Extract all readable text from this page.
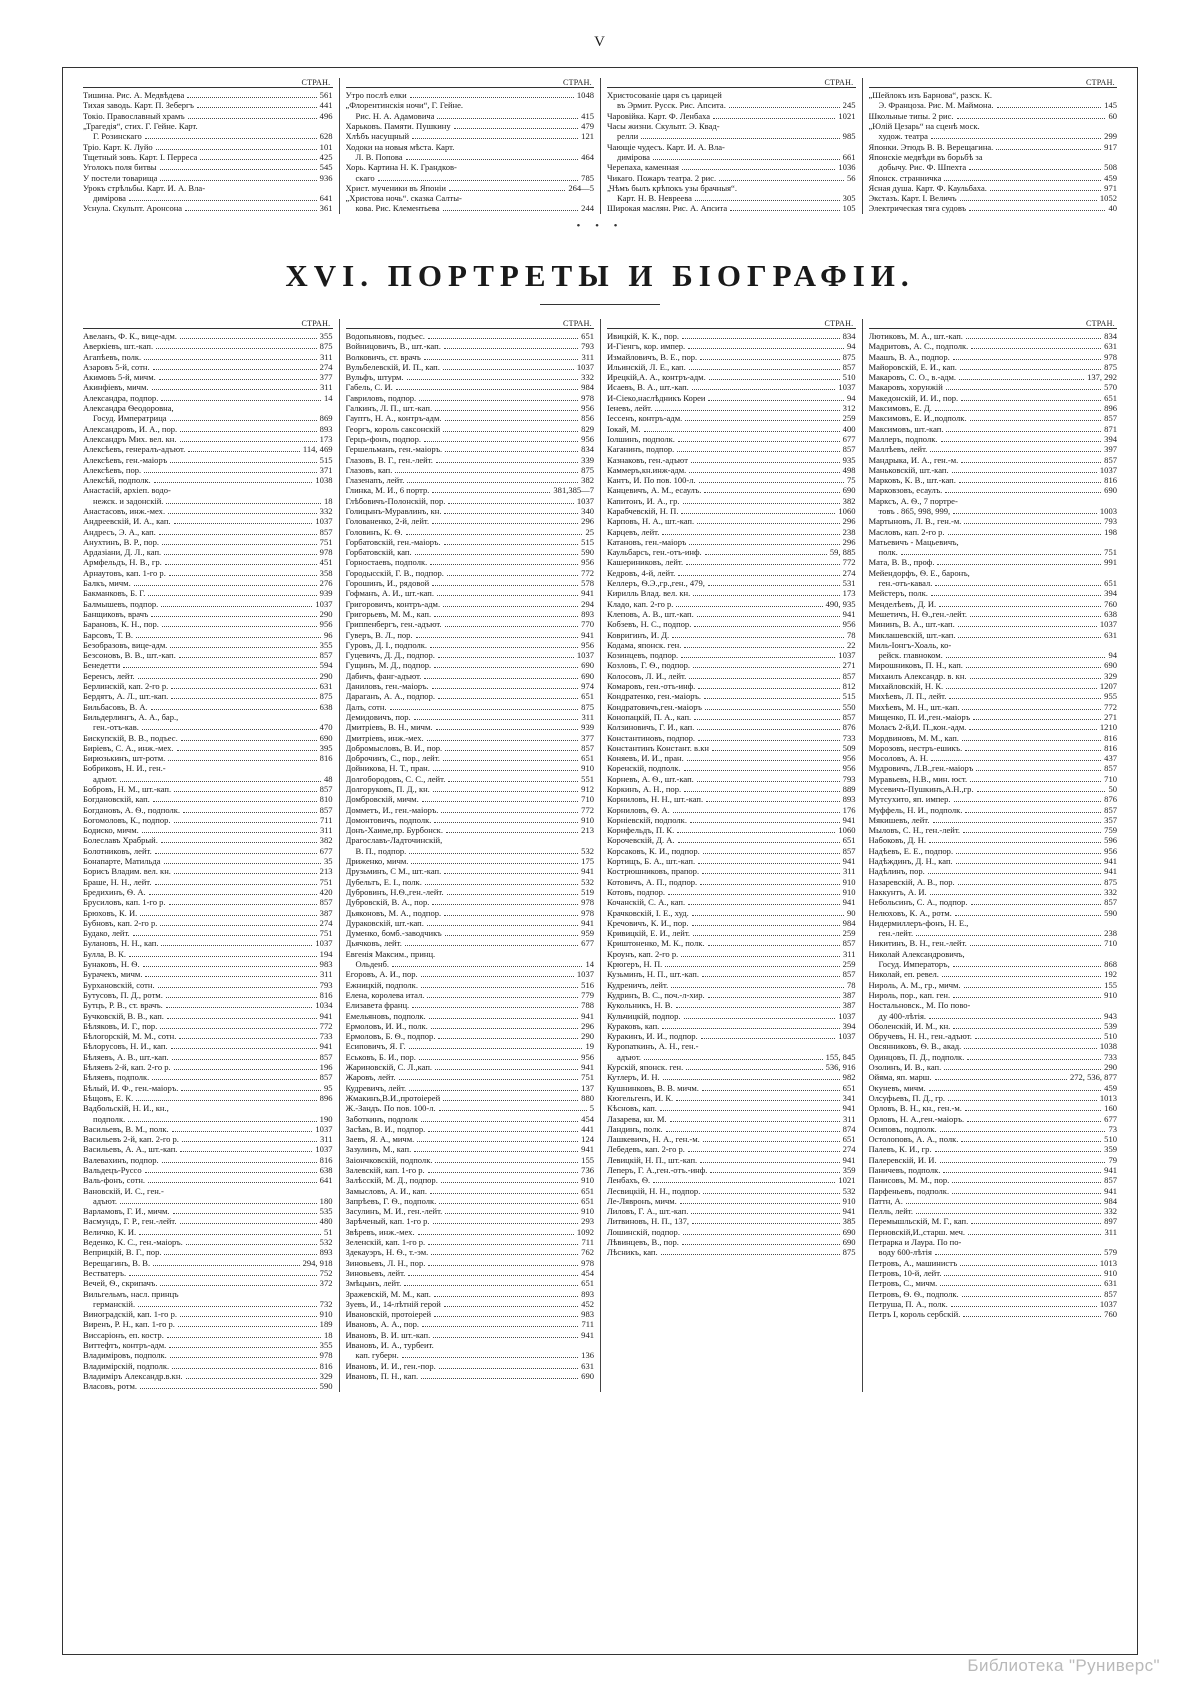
V
СТРАН.
Тишина. Рис. А. Медвѣдева	561
Тихая заводь. Карт. П. Зебергъ	441
Токіо. Православный храмъ	496
„Трагедія“, стих. Г. Гейне. Карт.
Г. Розинскаго	628
Тріо. Карт. К. Луйо	101
Тщетный зовъ. Карт. І. Перреса	425
Уголокъ поля битвы	545
У постели товарища	936
Урокъ стрѣльбы. Карт. И. А. Вла-
димірова	641
Уснула. Скульпт. Аронсона	361
СТРАН.
Утро послѣ елки	1048
„Флорентинскія ночи“, Г. Гейне.
Рис. Н. А. Адамовича	415
Харьковъ. Памяти. Пушкину	479
Хлѣбъ насущный	121
Ходоки на новыя мѣста. Карт.
Л. В. Попова	464
Хорь. Картина Н. К. Грандков-
скаго	785
Христ. мученики въ Японіи	264—5
„Христова ночь“. сказка Салты-
кова. Рис. Клементьева	244
СТРАН.
Христосованіе царя съ царицей
въ Эрмит. Русск. Рис. Апсита.	245
Чаровійка. Карт. Ф. Ленбаха	1021
Часы жизни. Скульпт. Э. Квад-
релли	985
Чающіе чудесъ. Карт. И. А. Вла-
димірова	661
Черепаха, каменная	1036
Чикаго. Пожаръ театра. 2 рис.	56
„Чѣмъ былъ крѣпокъ узы брачныя“.
Карт. Н. В. Невреева	305
Широкая маслян. Рис. А. Апсита	105
СТРАН.
„Шейлокъ изъ Барнова“, разск. К.
Э. Францоза. Рис. М. Маймона.	145
Школьные типы. 2 рис.	60
„Юлій Цезарь“ на сценѣ моск.
худож. театра	299
Японки. Этюдъ В. В. Верещагина.	917
Японскіе медвѣди въ борьбѣ за
добычу. Рис. Ф. Шпехта	508
Японск. странничка	459
Ясная душа. Карт. Ф. Каульбаха.	971
Экстазъ. Карт. І. Величъ	1052
Электрическая тяга судовъ	40
• • •
XVI. ПОРТРЕТЫ И БІОГРАФІИ.
СТРАН.
Авеланъ, Ф. К., вице-адм.	355
Аверкіевъ, шт.-кап.	875
Агапѣевъ, полк.	311
Азаровъ 5-й, сотн.	274
Акимовъ 5-й, мичм.	377
Акинфіевъ, мичм.	311
Александра, подпор.	14
Александра Ѳеодоровна,
Госуд. Императрица	869
Александровъ, И. А., пор.	893
Александръ Мих. вел. кн.	173
Алексѣевъ, генералъ-адъют.	114, 469
Алексѣевъ, ген.-маіоръ	515
Алексѣевъ, пор.	371
Алексѣй, подполк.	1038
Анастасій, архіеп. водо-
нежск. и задонскій.	18
Анастасовъ, инж.-мех.	332
Андреевскій, И. А., кап.	1037
Андресъ, Э. А., кап.	857
Анухтинъ, В. Р., пор.	751
Ардазіани, Д. Л., кап.	978
Армфельдъ, Н. В., гр.	451
Арнаутовъ, кап. 1-го р.	358
Балкъ, мичм.	276
Бакманковъ, Б. Г.	939
Балмышевъ, подпор.	1037
Банщиковъ, врачъ	290
Барановъ, К. Н., пор.	956
Барсовъ, Т. В.	96
Безобразовъ, вице-адм.	355
Безсоновъ, В. В., шт.-кап.	857
Бенедетти	594
Беренсъ, лейт.	290
Берлинскій, кап. 2-го р.	631
Бердятъ, А. Л., шт.-кап.	875
Бильбасовъ, В. А.	638
Бильдерлингъ, А. А., бар.,
ген.-отъ-кав.	470
Бискупскій, В. В., подъес.	690
Биріевъ, С. А., инж.-мех.	395
Бирюзькинъ, шт-ротм.	816
Бобриковъ, Н. И., ген.-
адъют.	48
Бобровъ, Н. М., шт.-кап.	857
Богдановскій, кап.	810
Богдановъ, А. Ѳ., подполк.	857
Богомоловъ, К., подпор.	711
Бодиско, мичм.	311
Болеславъ Храбрый.	382
Болотниковъ, лейт.	677
Бонапарте, Матильда	35
Борисъ Владим. вел. кн.	213
Браше, Н. Н., лейт.	751
Бредихинъ, Ѳ. А.	420
Брусиловъ, кап. 1-го р.	857
Брюховъ, К. И.	387
Бубновъ, кап. 2-го р.	274
Будако, лейт.	751
Булановъ, Н. Н., кап.	1037
Булла, В. К.	194
Бунаковъ, Н. Ѳ.	983
Бурачекъ, мичм.	311
Бурхановскій, сотн.	793
Бутусовъ, П. Д., ротм.	816
Бутцъ, Р. В., ст. врачъ.	1034
Бучковскій, В. В., кап.	941
Бѣляковъ, И. Г., пор.	772
Бѣлогорскій, М. М., сотн.	733
Бѣлорусовъ, Н. И., кап.	941
Бѣляевъ, А. В., шт.-кап.	857
Бѣляевъ 2-й, кап. 2-го р.	196
Бѣляевъ, подполк.	857
Бѣлый, И. Ф., ген.-маіоръ.	95
Бѣщовъ, Е. К.	896
Вадбольскій, Н. И., кн.,
подполк.	190
Васильевъ, В. М., полк.	1037
Васильевъ 2-й, кап. 2-го р.	311
Васильевъ, А. А., шт.-кап.	1037
Валевахинъ, подпор.	816
Вальдецъ-Руссо	638
Валь-фонъ, сотн.	641
Вановскій, И. С., ген.-
адъют.	180
Варламовъ, Г. И., мичм.	535
Васмундъ, Г. Р., ген.-лейт.	480
Величко, К. И.	51
Веденко, К. С., ген.-маіоръ.	532
Веприцкій, В. Г., пор.	893
Верещагинъ, В. В.	294, 918
Вестватеръ.	752
Вечей, Ѳ., скрипачъ.	372
Вильгельмъ, насл. принцъ
германскій.	732
Виноградскій, кап. 1-го р.	910
Виренъ, Р. Н., кап. 1-го р.	189
Виссаріонъ, еп. костр.	18
Виттефтъ, контръ-адм.	355
Владиміровъ, подполк.	978
Владимірскій, подполк.	816
Владиміръ Александр.в.кн.	329
Власовъ, ротм.	590
СТРАН.
Водопьяновъ, подъес.	651
Войницовичъ, В., шт.-кап.	793
Волковичъ, ст. врачъ	311
Вульбелевскій, И. П., кап.	1037
Вульфъ, штурм.	332
Габель, С. И.	984
Гавриловъ, подпор.	978
Галкинъ, Л. П., шт.-кап.	956
Гауптъ, Н. А., контръ-адм.	856
Георгъ, король саксонскій	829
Герцъ-фонъ, подпор.	956
Гершельманъ, ген.-маіоръ.	834
Глазовъ, В. Г., ген.-лейт.	339
Глазовъ, кап.	875
Глазенапъ, лейт.	382
Глинка, М. И., 6 портр.	381,385—7
Глѣбовичъ-Полонскій, пор.	1037
Голицынъ-Муравлинъ, кн.	340
Голованенко, 2-й, лейт.	296
Головинъ, К. Ѳ.	25
Горбатовскій, ген.-маіоръ.	515
Горбатовскій, кап.	590
Горностаевъ, подполк.	956
Городысскій, Г. В., подпор.	772
Горошинъ, И., рядовой	578
Гофманъ, А. И., шт.-кап.	941
Григоровичъ, контръ-адм.	294
Григорьевъ, М. М., кап.	893
Гриппенбергъ, ген.-адъют.	770
Гуверъ, В. Л., пор.	941
Гуровъ, Д. І., подполк.	956
Гуцевичъ, Д. Д., подпор.	1037
Гущинъ, М. Д., подпор.	690
Дабичъ, фанг-адъют.	690
Даниловъ, ген.-маіоръ.	974
Дараганъ, А. А., подпор.	651
Далъ, сотн.	875
Демидовичъ, пор.	311
Дмитріевъ, В. Н., мичм.	939
Дмитріевъ, инж.-мех.	377
Добромысловъ, В. И., пор.	857
Доброчинъ, С., пор., лейт.	651
Дойникова, Н. Т., пран.	910
Долгобородовъ, С. С., лейт.	551
Долгоруковъ, П. Д., кн.	912
Домбровскій, мичм.	710
Домметъ, И., ген.-маіоръ.	772
Домонтовичъ, подполк.	910
Донъ-Хаиме,пр. Бурбонск.	213
Драгославъ-Ладточинскій,
В. П., подпор.	532
Дриженко, мичм.	175
Друзьминъ, С М., шт.-кап.	941
Дубельтъ, Е. І., полк.	532
Дубровинъ, Н.Ѳ.,ген.-лейт.	519
Дубровскій, В. А., пор.	978
Дьяконовъ, М. А., подпор.	978
Дураковскій, шт.-кап.	941
Думенко, бомб.-заводчикъ	959
Дьячковъ, лейт.	677
Евгенія Максим., принц.
Ольденб.	14
Егоровъ, А. И., пор.	1037
Ежницкій, подполк.	516
Елена, королева итал.	779
Елизавета франц.	788
Емельяновъ, подполк.	941
Ермоловъ, И. И., полк.	296
Ермоловъ, Б. Ѳ., подпор.	290
Есиповичъ, Я. Г.	19
Еськовъ, Б. И., пор.	956
Жариновскій, С. Л.,кап.	941
Жаровъ, лейт.	751
Кудревичъ, лейт.	137
Жмакинъ,В.И.,протоіерей	880
Ж.-Зандъ. По пов. 100-л.	5
Заботкинъ, подполк	454
Засѣвъ, В. И., подпор.	441
Заевъ, Я. А., мичм.	124
Зазулинъ, М., кап.	941
Заіончковскій, подполк.	155
Залевскій, кап. 1-го р.	736
Залѣсскій, М. Д., подпор.	910
Замысловъ, А. И., кап.	651
Запрѣевъ, Г. Ѳ., подполк.	651
Засулинъ, М. И., ген.-лейт.	910
Зарѣченый, кап. 1-го р.	293
Звѣревъ, инж.-мех.	1092
Зеленскій, кап. 1-го р.	711
Здекауэръ, Н. Ѳ., т.-эм.	762
Зиновьевъ, Л. Н., пор.	978
Зиновьевъ, лейт.	454
Змѣцынъ, лейт.	651
Зражевскій, М. М., кап.	893
Зуевъ, И., 14-лѣтній герой	452
Ивановскій, протоіерей	983
Ивановъ, А. А., пор.	711
Ивановъ, В. И. шт.-кап.	941
Ивановъ, И. А., турбеит.
кап. губерн.	136
Ивановъ, И. И., ген.-пор.	631
Ивановъ, П. Н., кап.	690
СТРАН.
Ивицкій, К. К., пор.	834
И-Гіенгъ, кор. импер.	94
Измайловичъ, В. Е., пор.	875
Ильинскій, Л. Е., кап.	857
Ирецкій,А. А., контръ-адм.	510
Исаевъ, В. А., шт.-кап.	1037
И-Сіеко,наслѣдникъ Кореи	94
Іеневъ, лейт.	312
Іессенъ, контръ-адм.	259
Іокай, М.	400
Іолшинъ, подполк.	677
Каганинъ, подпор.	857
Казнаковъ, ген.-адъют	935
Каммеръ,кн.инж-адм.	498
Кантъ, И. По пов. 100-л.	75
Канцевичъ, А. М., есаулъ.	690
Капитонъ, И. А., гр.	382
Карабчевскій, Н. П.	1060
Карповъ, Н. А., шт.-кап.	296
Карцевъ, лейт.	238
Катановъ, ген.-маіоръ	296
Каульбарсъ, ген.-отъ-инф.	59, 885
Кашериниковъ, лейт.	772
Кедровъ, 4-й, лейт.	274
Келлеръ, Ѳ.Э.,гр.,ген., 479,	531
Кирилль Влад. вел. кн.	173
Кладо, кап. 2-го р.	490, 935
Клеповъ, А. В., шт.-кап.	941
Кобзевъ, Н. С., подпор.	956
Ковригинъ, И. Д.	78
Кодама, японск. ген.	22
Козинцевъ, подпор.	1037
Козловъ, Г. Ѳ., подпор.	271
Колосовъ, Л. И., лейт.	857
Комаровъ, ген.-отъ-инф.	812
Кондратенко, ген.-маіоръ.	515
Кондратовичъ,ген.-маіоръ	550
Конопацкій, П. А., кап.	857
Колзиновичъ, Г. И., кап.	876
Константиновъ, подпор.	733
Константинъ Констант. в.кн	509
Коняевъ, И. И., пран.	956
Коренскій, подполк.	956
Корневъ, А. Ѳ., шт.-кап.	793
Коркинъ, А. Н., пор.	889
Корниловъ, Н. Н., шт.-кап.	893
Корниловъ, Ѳ. А.	176
Корніевскій, подполк.	941
Корнфельдъ, П. К.	1060
Корочевскій, Д. А.	651
Корсаковъ, К. И., подпор.	857
Кортищъ, Б. А., шт.-кап.	941
Кострюшниковъ, прапор.	311
Котовичъ, А. П., подпор.	910
Котовъ, подпор.	910
Кочанскій, С. А., кап.	941
Крачковскій, І. Е., худ.	90
Кречовичъ, К. И., пор.	984
Кривицкій, Е. И., лейт.	259
Криштоненко, М. К., полк.	857
Кроунъ, кап. 2-го р.	311
Крюгеръ, Н. П.	259
Кузьминъ, Н. П., шт.-кап.	857
Кудреничъ, лейт.	78
Кудринъ, В. С., поч.-л-хир.	387
Кукольникъ, Н. В.	387
Кульчицкій, подпор.	1037
Кураковъ, кап.	394
Куракинъ, И. И., подпор.	1037
Куропаткинъ, А. Н., ген.-
адъют.	155, 845
Курскій, японск. ген.	536, 916
Кутлеръ, И. Н.	982
Кушнинковъ, В. В. мичм.	651
Кюгельгенъ, И. К.	341
Кѣсновъ, кап.	941
Лазарева, кн. М.	311
Ландинъ, полк.	874
Лашкевичъ, Н. А., ген.-м.	651
Лебедевъ, кап. 2-го р.	274
Левицкій, Н. П., шт.-кап.	941
Леперъ, Г. А.,ген.-отъ.-инф.	359
Ленбахъ, Ѳ.	1021
Лесвицкій, Н. Н., подпор.	532
Ле-Лявронъ, мичм.	910
Лиловъ, Г. А., шт.-кап.	941
Литвиновъ, Н. П., 137,	385
Лошинскій, подпор.	690
Лѣвинцевъ, В., пор.	690
Лѣсникъ, кап.	875
СТРАН.
Лютиковъ, М. А., шт.-кап.	834
Мадритовъ, А. С., подполк.	631
Маашъ, В. А., подпор.	978
Майоровскій, Е. И., кап.	875
Макаровъ, С. О., в.-адм.	137, 292
Макаровъ, хорунжій	570
Македонскій, И. И., пор.	651
Максимовъ, Е. Д.	896
Максимовъ, Е. И.,подполк.	857
Максимовъ, шт.-кап.	871
Маллеръ, подполк.	394
Маллѣевъ, лейт.	397
Мандрыка, И. А., ген.-м.	857
Маньковскій, шт.-кап.	1037
Марковъ, К. В., шт.-кап.	816
Марковзовъ, есаулъ.	690
Марксъ, А. Ѳ., 7 портре-
товъ . 865, 998, 999,	1003
Мартыновъ, Л. В., ген.-м.	793
Масловъ, кап. 2-го р.	198
Матьевичъ - Мацьевичъ,
полк.	751
Мата, В. В., проф.	991
Мейендорфъ, Ѳ. Е., баронъ,
ген.-отъ-кавал.	651
Мейстеръ, полк.	394
Менделѣевъ, Д. И.	760
Мешетичъ, Н. Ѳ.,ген.-лейт.	638
Мининъ, В. А., шт.-кап.	1037
Миклашевскій, шт.-кап.	631
Миль-Іонгъ-Хоаль, ко-
рейск. главноком.	94
Мирошниковъ, П. Н., кап.	690
Михаилъ Александр. в. кн.	329
Михайловскій, Н. К.	1207
Михѣевъ, Л. П., лейт.	955
Михѣевъ, М. Н., шт.-кап.	772
Мищенко, П. И.,ген.-маіоръ	271
Моласъ 2-й,И. П.,кон.-адм.	1210
Мордвиновъ, М. М., кап.	816
Морозовъ, нестръ-ешикъ.	816
Мосоловъ, А. Н.	437
Мудровичъ, Л.В.,ген.-маіоръ	857
Муравьевъ, Н.В., мин. юст.	710
Мусевичъ-Пушкинъ,А.Н.,гр.	50
Мутсухито, яп. импер.	876
Муффель, Н. И., подполк.	857
Мякишевъ, лейт.	357
Мыловъ, С. Н., ген.-лейт.	759
Набоковъ, Д. Н.	596
Надѣевъ, Е. Е., подпор.	956
Надѣждинъ, Д. Н., кап.	941
Надѣлинъ, пор.	941
Назаревскій, А. В., пор.	875
Наккунтъ, А. И.	332
Небольсинъ, С. А., подпор.	857
Нелюховъ, К. А., ротм.	590
Нидермиллеръ-фонъ, Н. Е.,
ген.-лейт.	238
Никитинъ, В. Н., ген.-лейт.	710
Николай Александровичъ,
Госуд. Императоръ,	868
Николай, еп. ревел.	192
Нироль, А. М., гр., мичм.	155
Нироль, пор., кап. ген.	910
Ностальновск., М. По пово-
ду 400-лѣтія.	943
Оболенскій, И. М., кн.	539
Обручевъ, Н. Н., ген.-адъют.	510
Овсянниковъ, Ѳ. В., акад.	1038
Одинцовъ, П. Д., подполк.	733
Озолинъ, И. В., кап.	290
Ойяма, яп. марш.	272, 536, 877
Окуневъ, мичм.	459
Олсуфьевъ, П. Д., гр.	1013
Орловъ, В. Н., кн., ген.-м.	160
Орловъ, Н. А.,ген.-маіоръ.	677
Осиповъ, подполк.	73
Остолоповъ, А. А., полк.	510
Палевъ, К. И., гр.	359
Палеревскій, И. И.	79
Паничевъ, подполк.	941
Панисовъ, М. М., пор.	857
Парфеньевъ, подполк.	941
Паттн, А.	984
Пелль, лейт.	332
Перемышльскій, М. Г., кап.	897
Перновскій,И.,старш. меч.	311
Петрарка и Лаура. По по-
воду 600-лѣтія	579
Петровъ, А., машинистъ	1013
Петровъ, 10-й, лейт.	910
Петровъ, С., мичм.	631
Петровъ, Ѳ. Ѳ., подполк.	857
Петруша, П. А., полк.	1037
Петръ I, король сербскій.	760
Библиотека "Руниверс"
